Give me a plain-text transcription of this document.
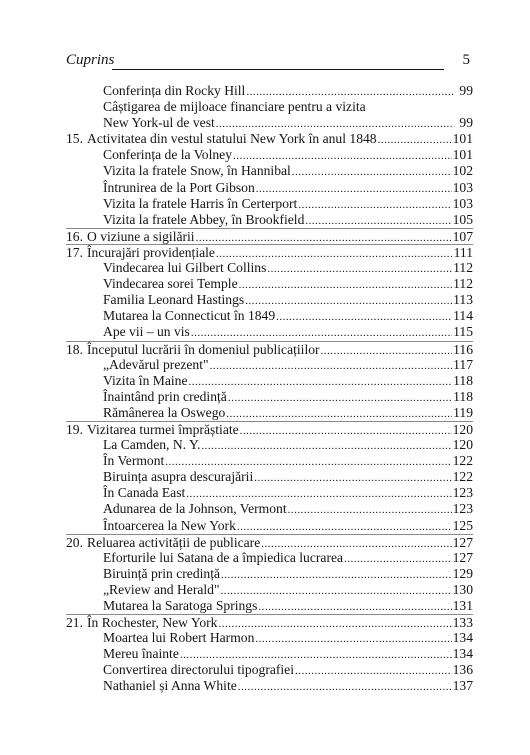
Cuprins	5
Conferința din Rocky Hill .....	99
Câștigarea de mijloace financiare pentru a vizita
New York-ul de vest .....	99
15. Activitatea din vestul statului New York în anul 1848 .....	101
Conferința de la Volney .....	101
Vizita la fratele Snow, în Hannibal .....	102
Întrunirea de la Port Gibson .....	103
Vizita la fratele Harris în Certerport .....	103
Vizita la fratele Abbey, în Brookfield .....	105
16. O viziune a sigilării .....	107
17. Încurajări providențiale .....	111
Vindecarea lui Gilbert Collins .....	112
Vindecarea sorei Temple .....	112
Familia Leonard Hastings .....	113
Mutarea la Connecticut în 1849 .....	114
Ape vii – un vis .....	115
18. Începutul lucrării în domeniul publicațiilor .....	116
„Adevărul prezent" .....	117
Vizita în Maine .....	118
Înaintând prin credință .....	118
Rămânerea la Oswego .....	119
19. Vizitarea turmei împrăștiate .....	120
La Camden, N. Y. .....	120
În Vermont .....	122
Biruința asupra descurajării .....	122
În Canada East .....	123
Adunarea de la Johnson, Vermont .....	123
Întoarcerea la New York .....	125
20. Reluarea activității de publicare .....	127
Eforturile lui Satana de a împiedica lucrarea .....	127
Biruință prin credință .....	129
„Review and Herald" .....	130
Mutarea la Saratoga Springs .....	131
21. În Rochester, New York .....	133
Moartea lui Robert Harmon .....	134
Mereu înainte .....	134
Convertirea directorului tipografiei .....	136
Nathaniel și Anna White .....	137
